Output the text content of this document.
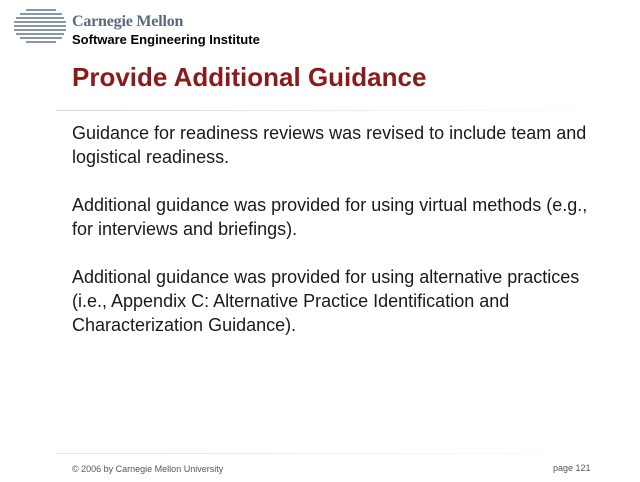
Carnegie Mellon
Software Engineering Institute
Provide Additional Guidance

Guidance for readiness reviews was revised to include team and logistical readiness.

Additional guidance was provided for using virtual methods (e.g., for interviews and briefings).

Additional guidance was provided for using alternative practices (i.e., Appendix C: Alternative Practice Identification and Characterization Guidance).

© 2006 by Carnegie Mellon University	page 121
